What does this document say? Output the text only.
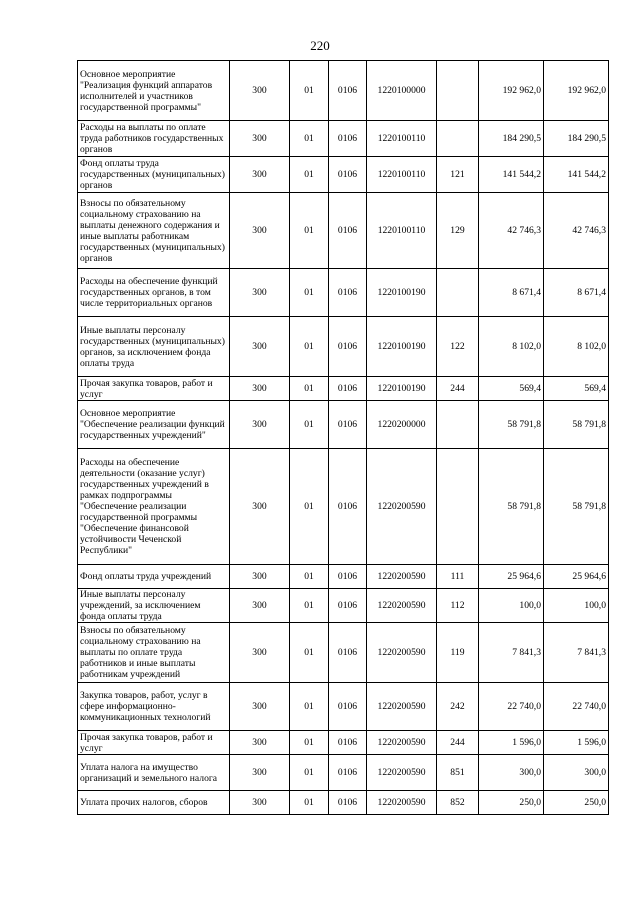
220
Основное мероприятие "Реализация функций аппаратов исполнителей и участников государственной программы"	300	01	0106	1220100000		192 962,0	192 962,0
Расходы на выплаты по оплате труда работников государственных органов	300	01	0106	1220100110		184 290,5	184 290,5
Фонд оплаты труда государственных (муниципальных) органов	300	01	0106	1220100110	121	141 544,2	141 544,2
Взносы по обязательному социальному страхованию на выплаты денежного содержания и иные выплаты работникам государственных (муниципальных) органов	300	01	0106	1220100110	129	42 746,3	42 746,3
Расходы на обеспечение функций государственных органов, в том числе территориальных органов	300	01	0106	1220100190		8 671,4	8 671,4
Иные выплаты персоналу государственных (муниципальных) органов, за исключением фонда оплаты труда	300	01	0106	1220100190	122	8 102,0	8 102,0
Прочая закупка товаров, работ и услуг	300	01	0106	1220100190	244	569,4	569,4
Основное мероприятие "Обеспечение реализации функций государственных учреждений"	300	01	0106	1220200000		58 791,8	58 791,8
Расходы на обеспечение деятельности (оказание услуг) государственных учреждений в рамках подпрограммы "Обеспечение реализации государственной программы "Обеспечение финансовой устойчивости Чеченской Республики"	300	01	0106	1220200590		58 791,8	58 791,8
Фонд оплаты труда учреждений	300	01	0106	1220200590	111	25 964,6	25 964,6
Иные выплаты персоналу учреждений, за исключением фонда оплаты труда	300	01	0106	1220200590	112	100,0	100,0
Взносы по обязательному социальному страхованию на выплаты по оплате труда работников и иные выплаты работникам учреждений	300	01	0106	1220200590	119	7 841,3	7 841,3
Закупка товаров, работ, услуг в сфере информационно-коммуникационных технологий	300	01	0106	1220200590	242	22 740,0	22 740,0
Прочая закупка товаров, работ и услуг	300	01	0106	1220200590	244	1 596,0	1 596,0
Уплата налога на имущество организаций и земельного налога	300	01	0106	1220200590	851	300,0	300,0
Уплата прочих налогов, сборов	300	01	0106	1220200590	852	250,0	250,0
